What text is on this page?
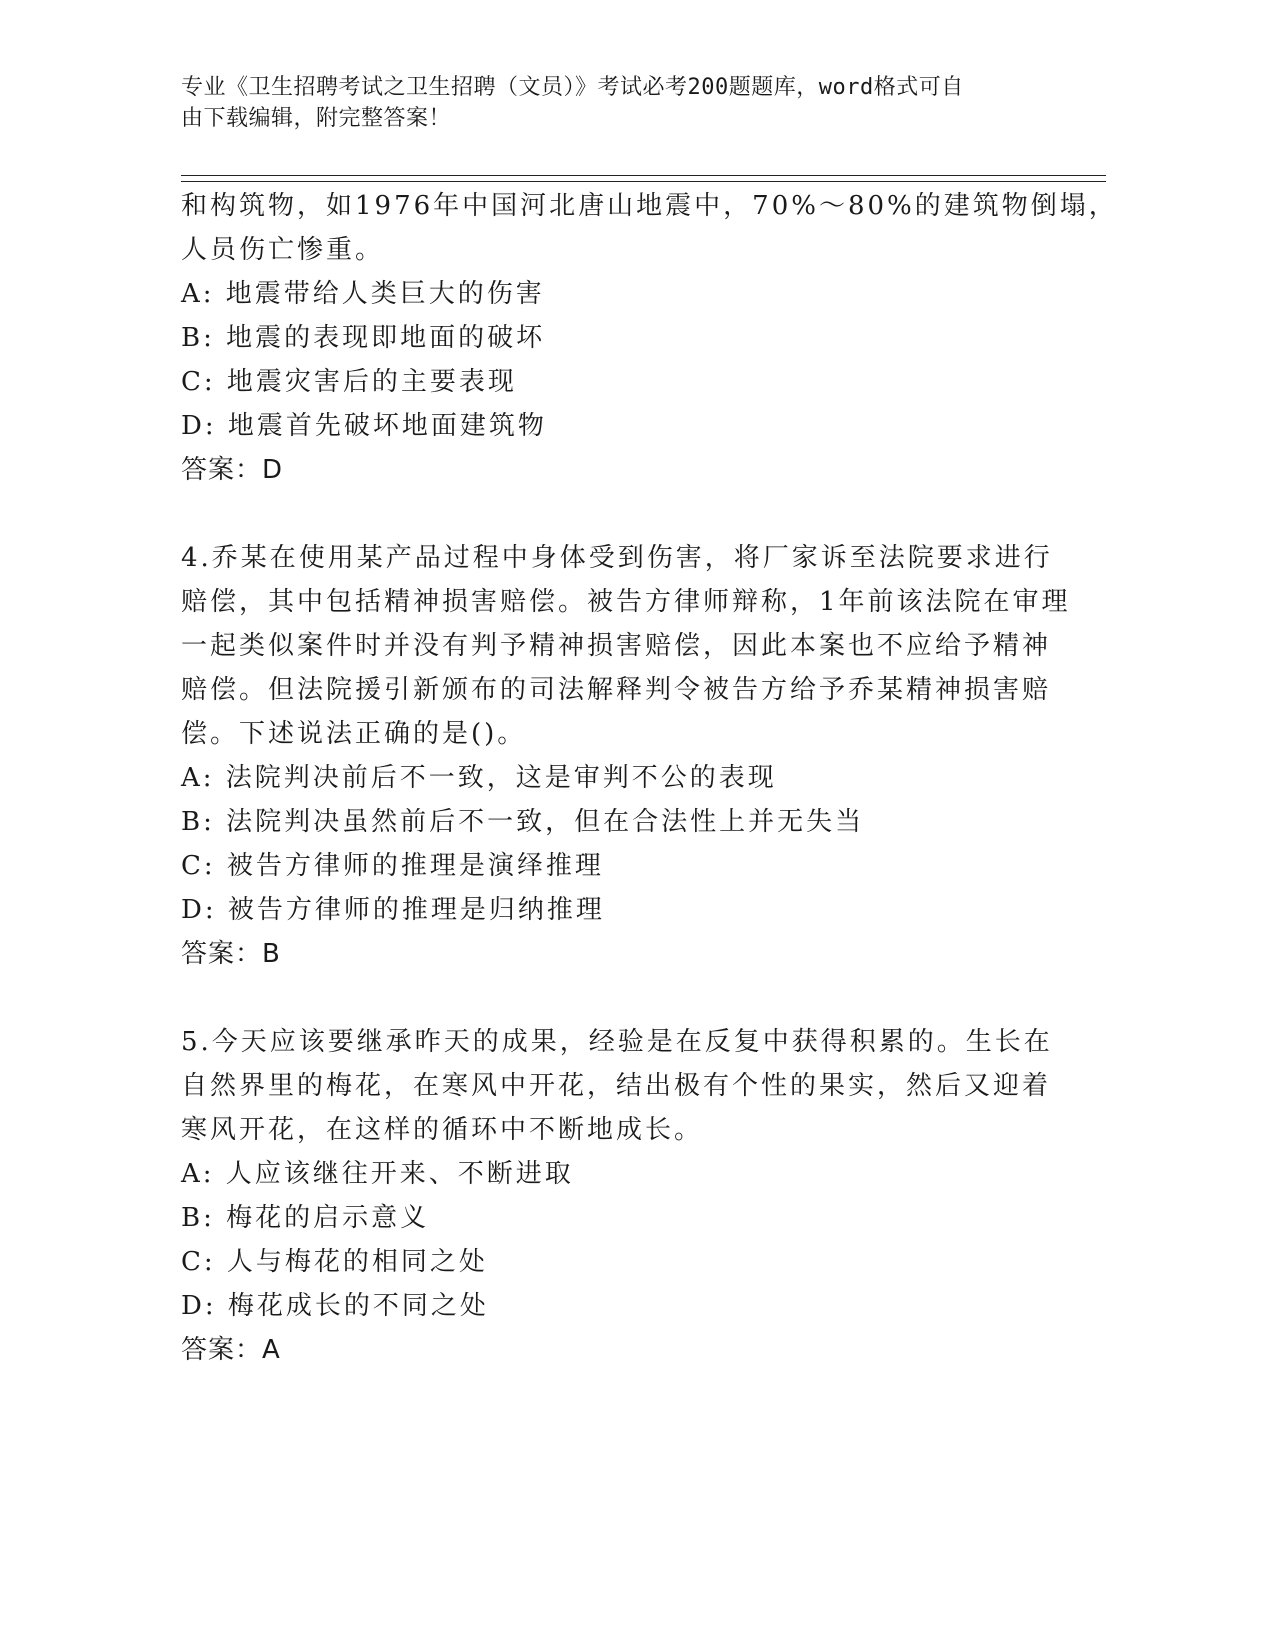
专业《卫生招聘考试之卫生招聘（文员）》考试必考200题题库，word格式可自
由下载编辑，附完整答案！
和构筑物，如1976年中国河北唐山地震中，70%～80%的建筑物倒塌，
人员伤亡惨重。
A: 地震带给人类巨大的伤害
B: 地震的表现即地面的破坏
C: 地震灾害后的主要表现
D: 地震首先破坏地面建筑物
答案：D
4.乔某在使用某产品过程中身体受到伤害，将厂家诉至法院要求进行
赔偿，其中包括精神损害赔偿。被告方律师辩称，1年前该法院在审理
一起类似案件时并没有判予精神损害赔偿，因此本案也不应给予精神
赔偿。但法院援引新颁布的司法解释判令被告方给予乔某精神损害赔
偿。下述说法正确的是()。
A: 法院判决前后不一致，这是审判不公的表现
B: 法院判决虽然前后不一致，但在合法性上并无失当
C: 被告方律师的推理是演绎推理
D: 被告方律师的推理是归纳推理
答案：B
5.今天应该要继承昨天的成果，经验是在反复中获得积累的。生长在
自然界里的梅花，在寒风中开花，结出极有个性的果实，然后又迎着
寒风开花，在这样的循环中不断地成长。
A: 人应该继往开来、不断进取
B: 梅花的启示意义
C: 人与梅花的相同之处
D: 梅花成长的不同之处
答案：A
